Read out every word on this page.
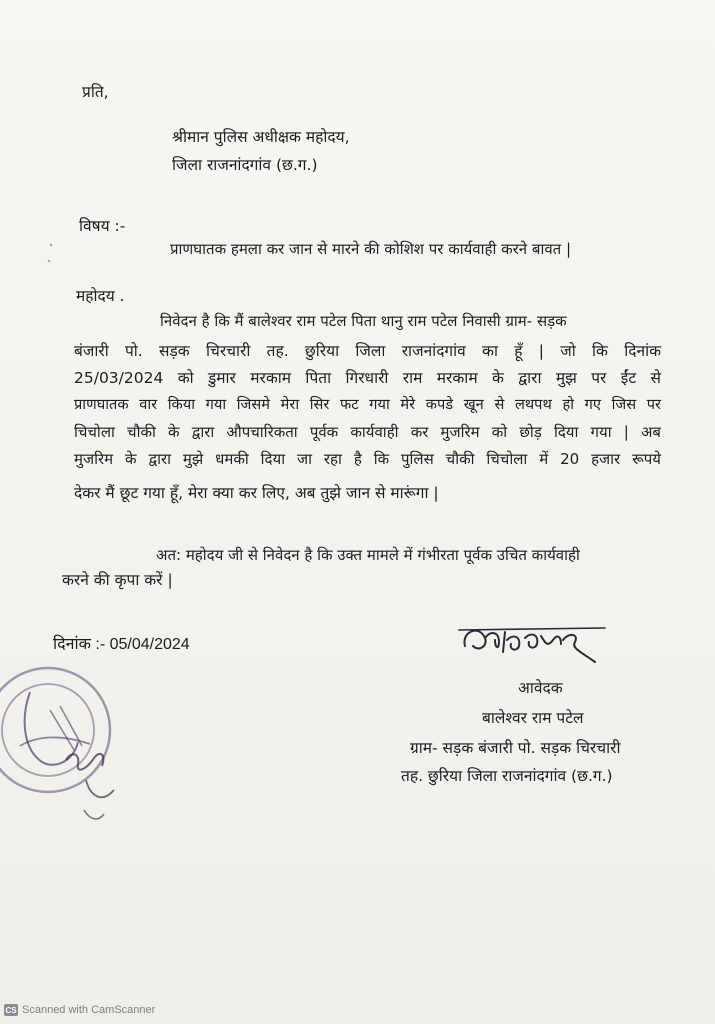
प्रति,
श्रीमान पुलिस अधीक्षक महोदय,
जिला राजनांदगांव (छ.ग.)
विषय :-
प्राणघातक हमला कर जान से मारने की कोशिश पर कार्यवाही करने बावत |
महोदय .
निवेदन है कि मैं बालेश्वर राम पटेल पिता थानु राम पटेल निवासी ग्राम- सड़क
बंजारी पो. सड़क चिरचारी तह. छुरिया जिला राजनांदगांव का हूँ | जो कि दिनांक
25/03/2024 को डुमार मरकाम पिता गिरधारी राम मरकाम के द्वारा मुझ पर ईंट से
प्राणघातक वार किया गया जिसमे मेरा सिर फट गया मेरे कपडे खून से लथपथ हो गए जिस पर
चिचोला चौकी के द्वारा औपचारिकता पूर्वक कार्यवाही कर मुजरिम को छोड़ दिया गया | अब
मुजरिम के द्वारा मुझे धमकी दिया जा रहा है कि पुलिस चौकी चिचोला में 20 हजार रूपये
देकर मैं छूट गया हूँ, मेरा क्या कर लिए, अब तुझे जान से मारूंगा |
अत: महोदय जी से निवेदन है कि उक्त मामले में गंभीरता पूर्वक उचित कार्यवाही
करने की कृपा करें |
दिनांक :- 05/04/2024
आवेदक
बालेश्वर राम पटेल
ग्राम- सड़क बंजारी पो. सड़क चिरचारी
तह. छुरिया जिला राजनांदगांव (छ.ग.)
CS Scanned with CamScanner
